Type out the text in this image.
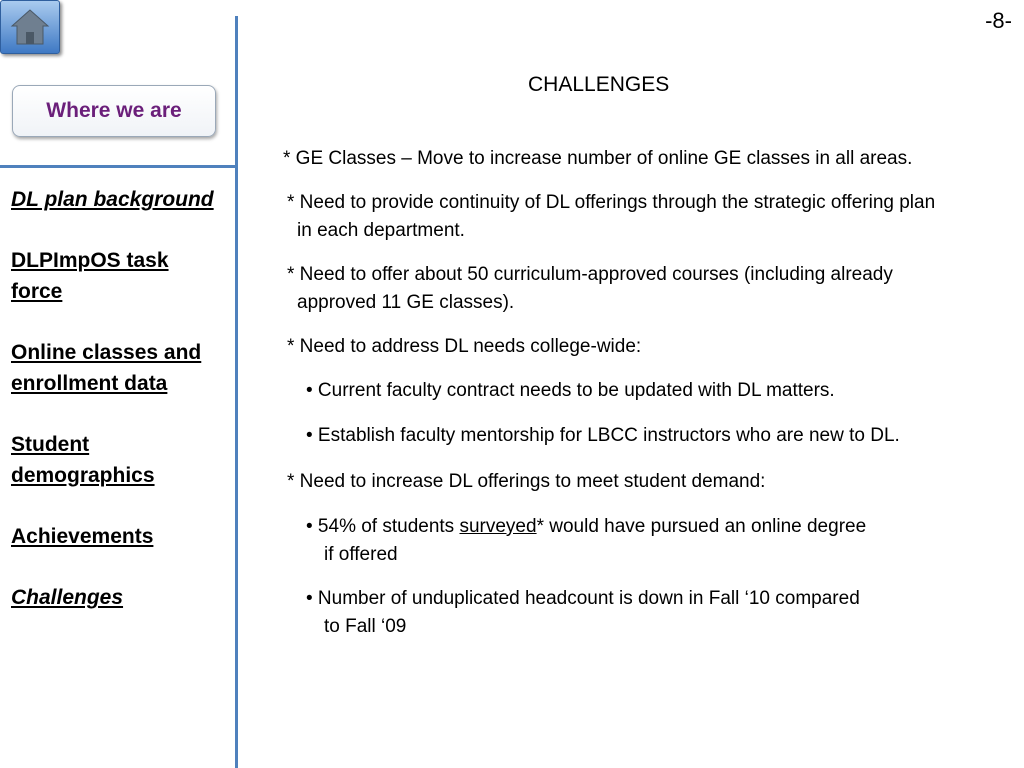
Where we are
DL plan background
DLPImpOS task
force
Online classes and
enrollment data
Student
demographics
Achievements
Challenges
-8-
CHALLENGES
* GE Classes – Move to increase number of online GE classes in all areas.
* Need to provide continuity of DL offerings through the strategic offering plan
in each department.
* Need to offer about 50 curriculum-approved courses (including already
approved 11 GE classes).
* Need to address DL needs college-wide:
• Current faculty contract needs to be updated with DL matters.
• Establish faculty mentorship for LBCC instructors who are new to DL.
* Need to increase DL offerings to meet student demand:
• 54% of students surveyed* would have pursued an online degree
if offered
• Number of unduplicated headcount is down in Fall ‘10 compared
to Fall ‘09
